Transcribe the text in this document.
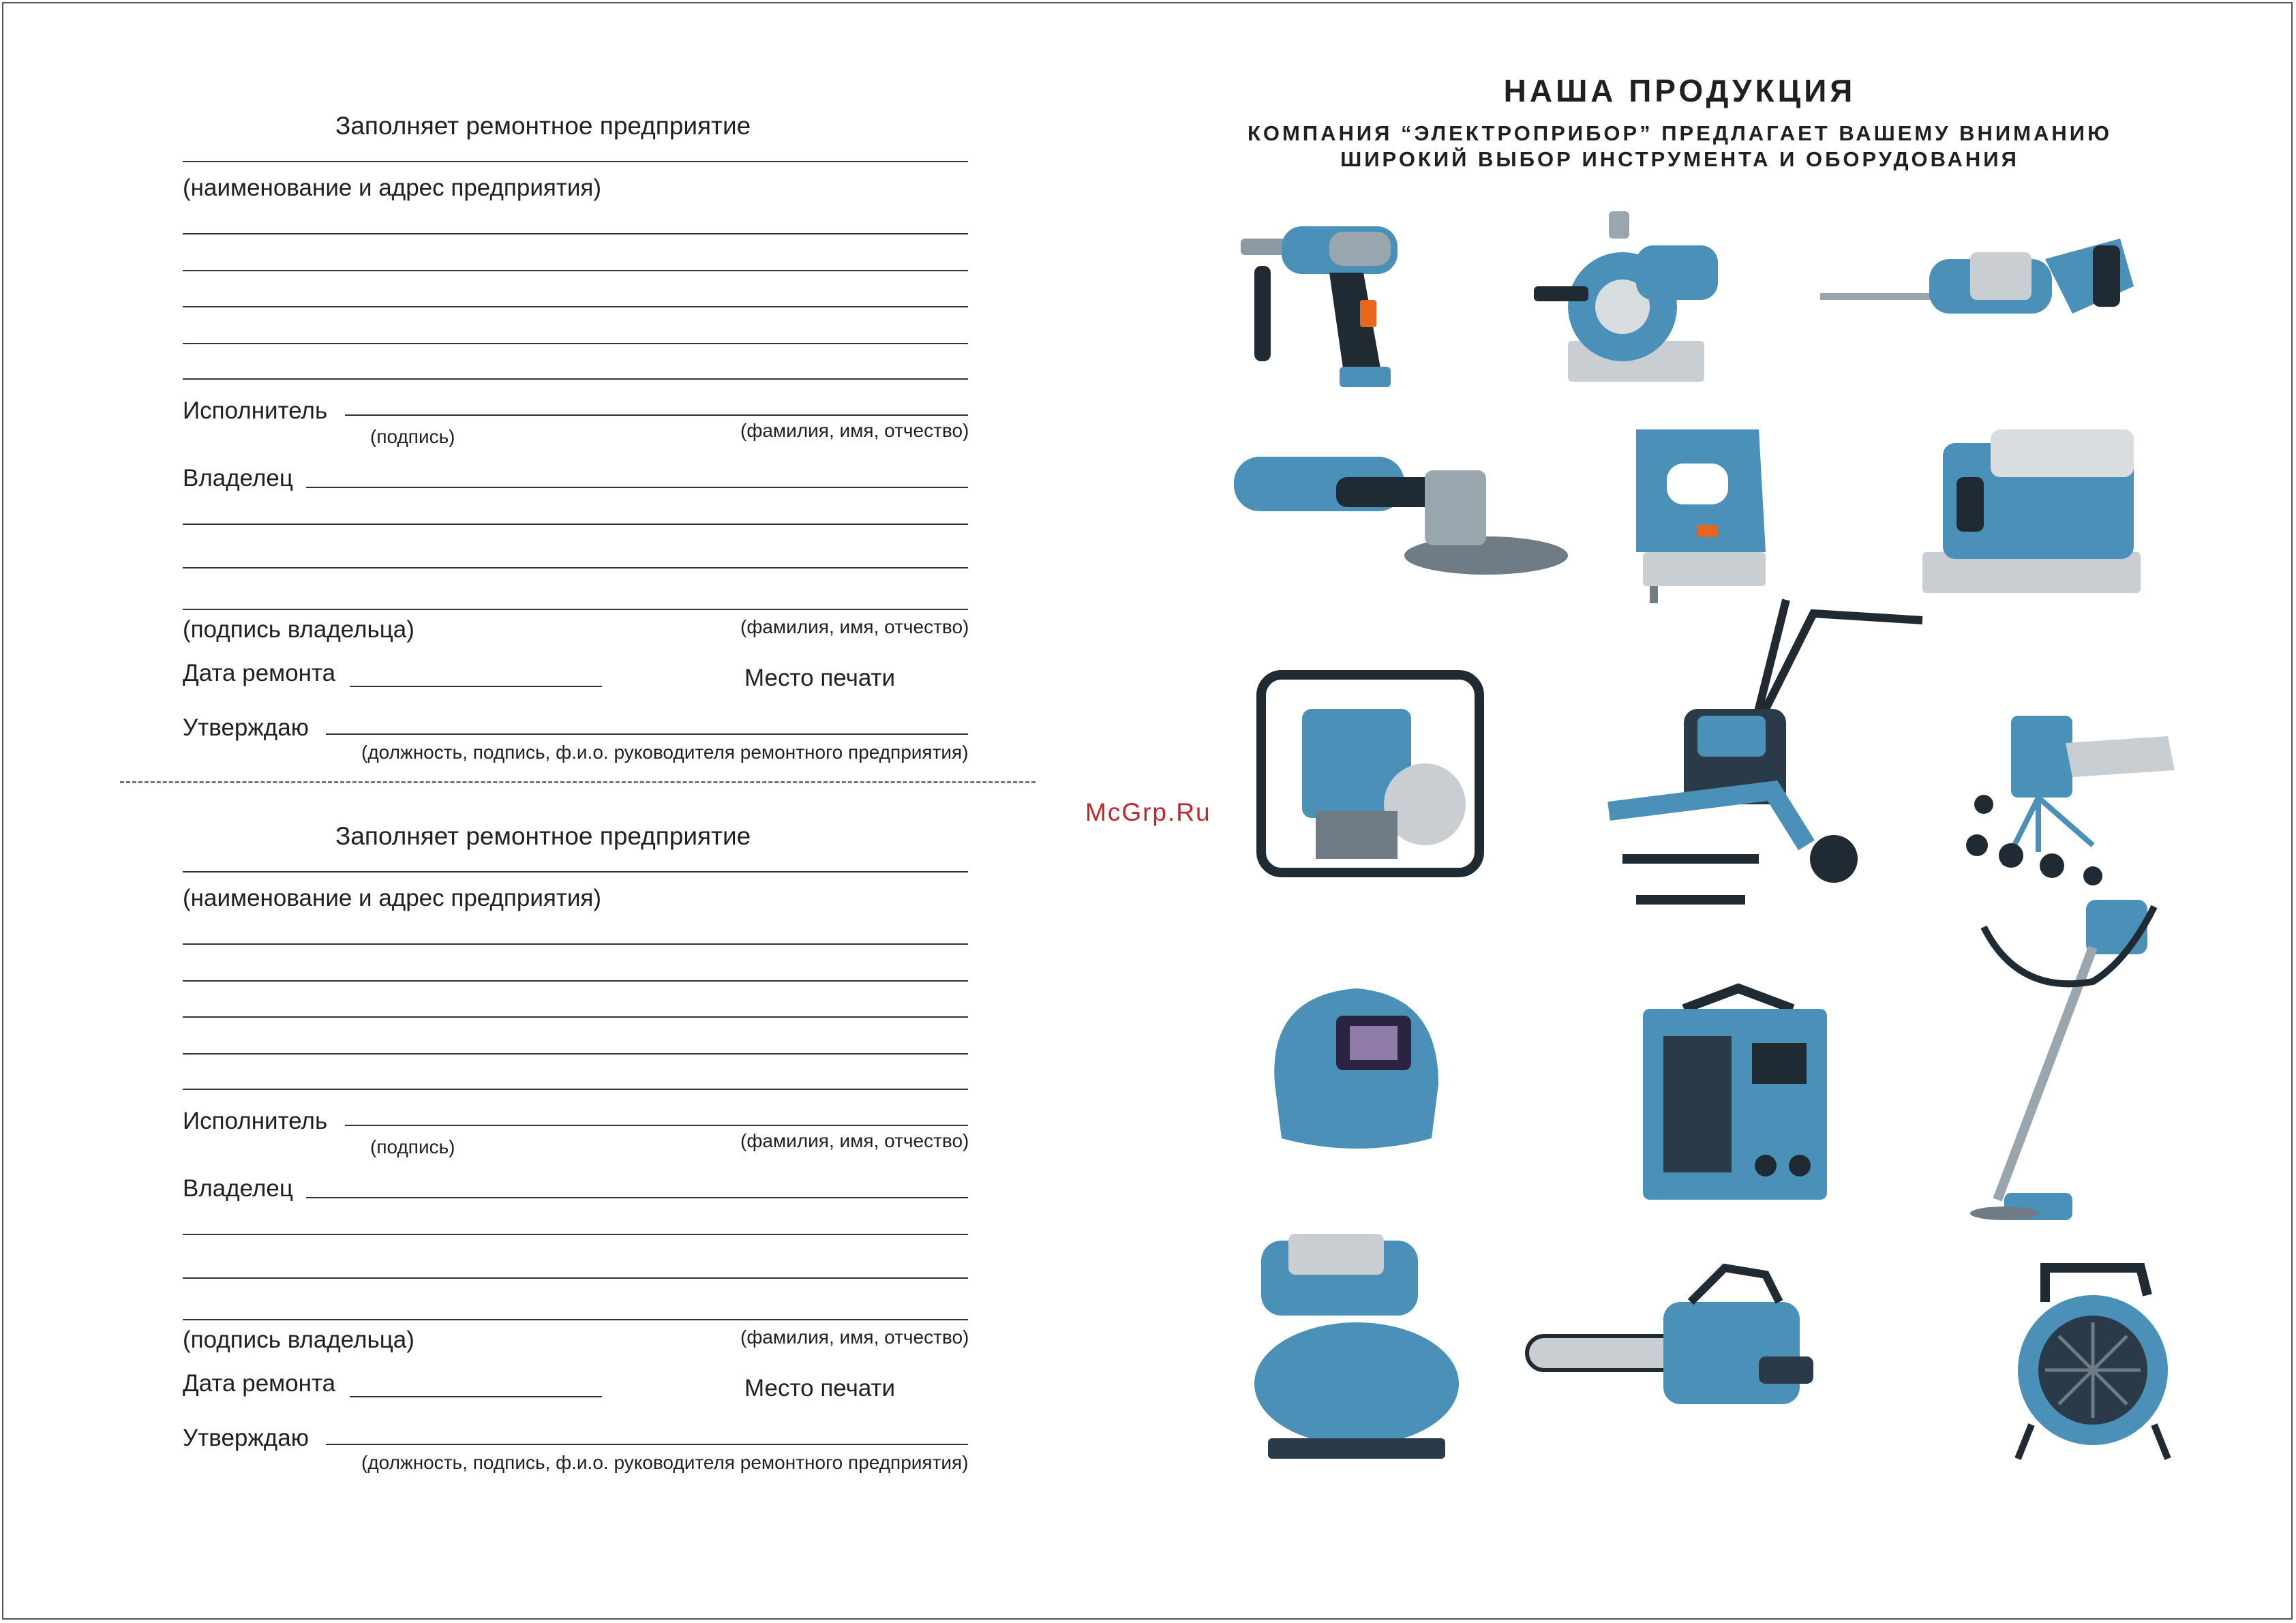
Заполняет ремонтное предприятие
(наименование и адрес предприятия)
Исполнитель
(подпись)	(фамилия, имя, отчество)
Владелец
(подпись владельца)	(фамилия, имя, отчество)
Дата ремонта	Место печати
Утверждаю
(должность, подпись, ф.и.о. руководителя ремонтного предприятия)
Заполняет ремонтное предприятие
(наименование и адрес предприятия)
Исполнитель
(подпись)	(фамилия, имя, отчество)
Владелец
(подпись владельца)	(фамилия, имя, отчество)
Дата ремонта	Место печати
Утверждаю
(должность, подпись, ф.и.о. руководителя ремонтного предприятия)
McGrp.Ru
НАША ПРОДУКЦИЯ
КОМПАНИЯ “ЭЛЕКТРОПРИБОР” ПРЕДЛАГАЕТ ВАШЕМУ ВНИМАНИЮ
ШИРОКИЙ ВЫБОР ИНСТРУМЕНТА И ОБОРУДОВАНИЯ
